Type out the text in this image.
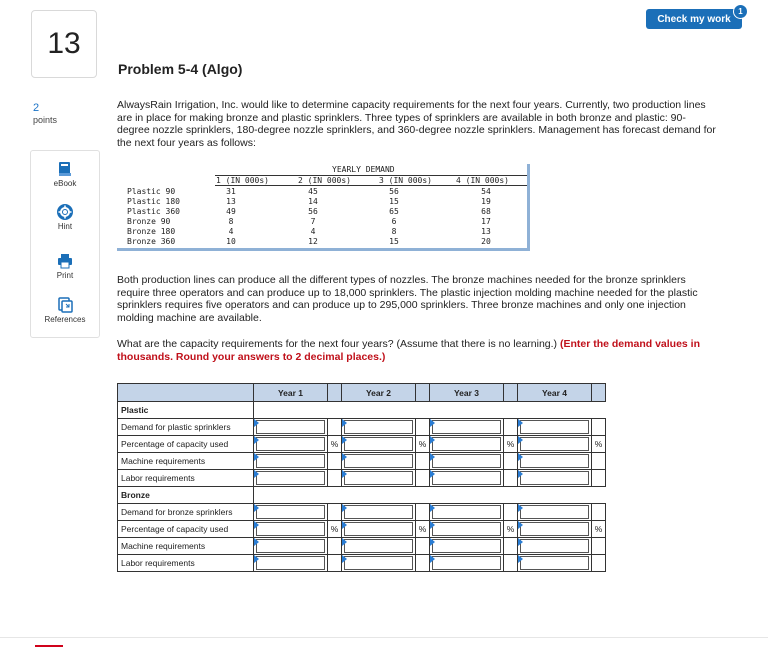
13
2
points
eBook
Hint
Print
References
Check my work
1
Problem 5-4 (Algo)
AlwaysRain Irrigation, Inc. would like to determine capacity requirements for the next four years. Currently, two production lines are in place for making bronze and plastic sprinklers. Three types of sprinklers are available in both bronze and plastic: 90-degree nozzle sprinklers, 180-degree nozzle sprinklers, and 360-degree nozzle sprinklers. Management has forecast demand for the next four years as follows:
YEARLY DEMAND
1 (IN 000s)	2 (IN 000s)	3 (IN 000s)	4 (IN 000s)
Plastic 90	31	45	56	54
Plastic 180	13	14	15	19
Plastic 360	49	56	65	68
Bronze 90	8	7	6	17
Bronze 180	4	4	8	13
Bronze 360	10	12	15	20
Both production lines can produce all the different types of nozzles. The bronze machines needed for the bronze sprinklers require three operators and can produce up to 18,000 sprinklers. The plastic injection molding machine needed for the plastic sprinklers requires five operators and can produce up to 295,000 sprinklers. Three bronze machines and only one injection molding machine are available.
What are the capacity requirements for the next four years? (Assume that there is no learning.) (Enter the demand values in thousands. Round your answers to 2 decimal places.)
	Year 1		Year 2		Year 3		Year 4	
Plastic								
Demand for plastic sprinklers	

Percentage of capacity used		%		%		%		%
Machine requirements	

Labor requirements	

Bronze								
Demand for bronze sprinklers	

Percentage of capacity used		%		%		%		%
Machine requirements	

Labor requirements	
